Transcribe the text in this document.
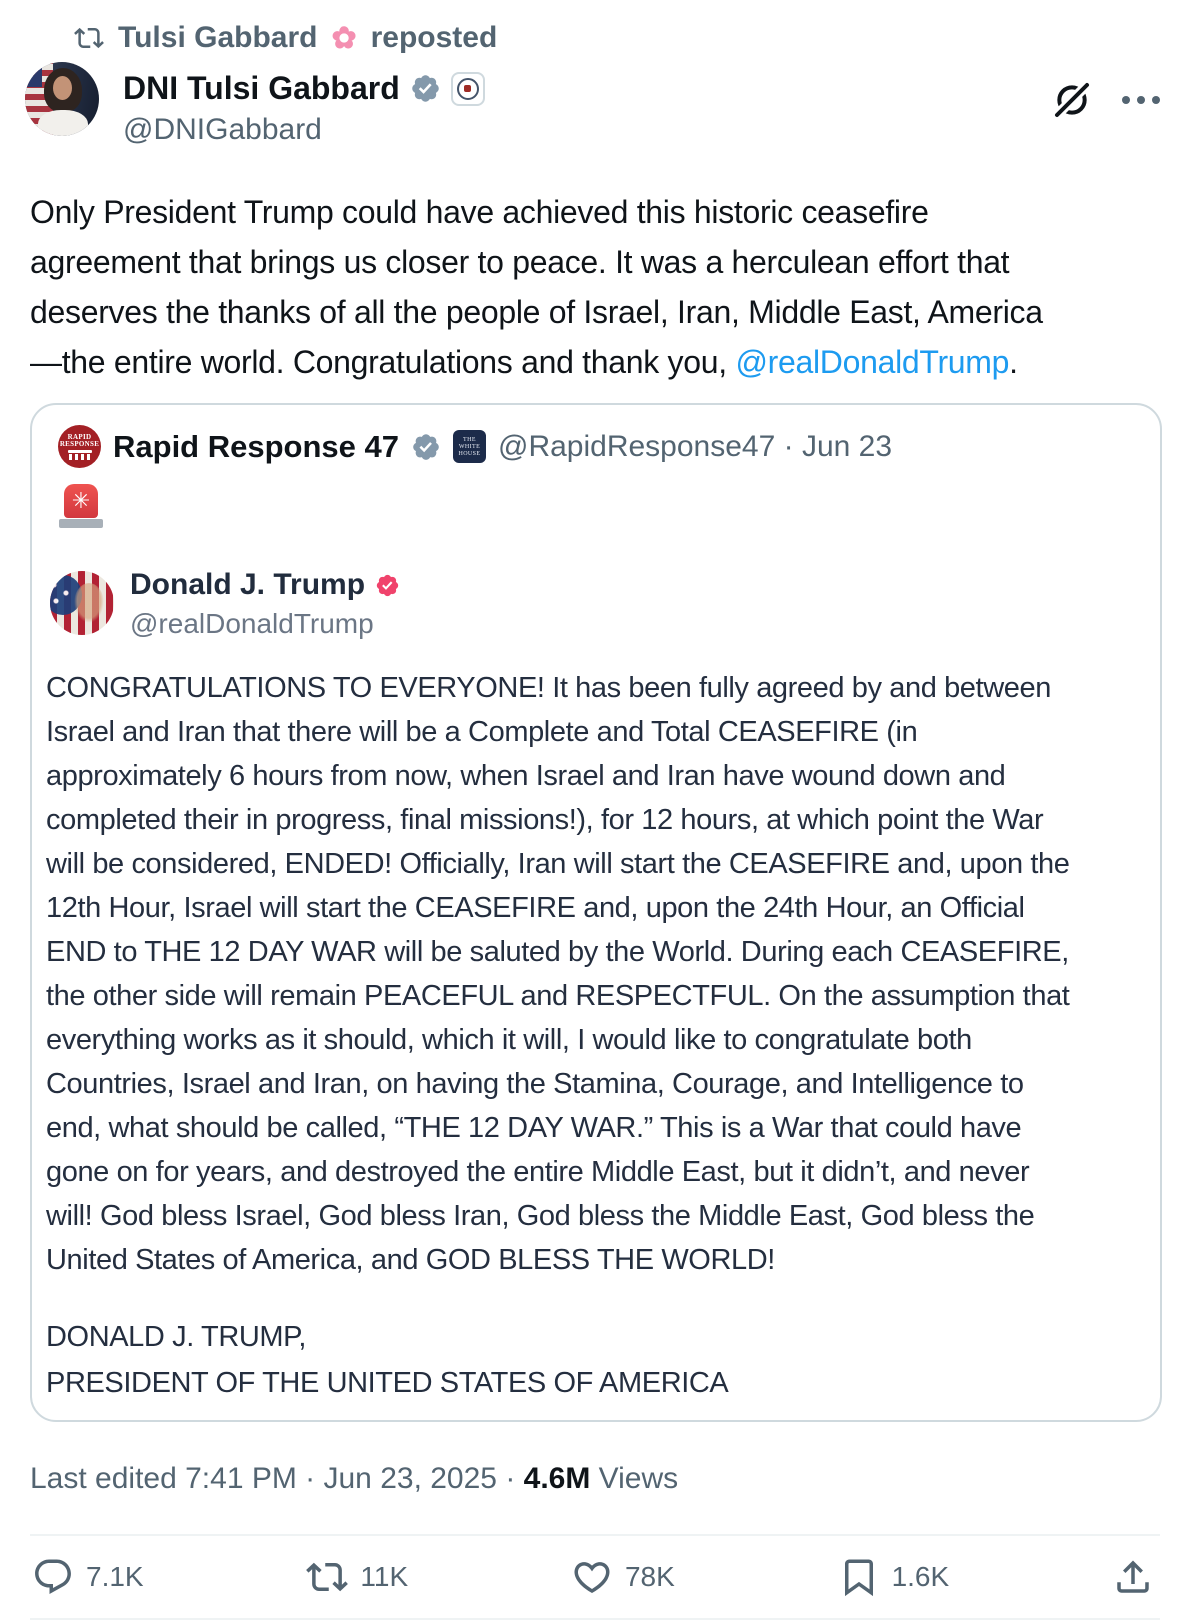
Tulsi Gabbard ✿ reposted
DNI Tulsi Gabbard
@DNIGabbard
Only President Trump could have achieved this historic ceasefire
agreement that brings us closer to peace. It was a herculean effort that
deserves the thanks of all the people of Israel, Iran, Middle East, America
—the entire world. Congratulations and thank you, @realDonaldTrump.
RAPID
RESPONSE Rapid Response 47	THE
WHITE
HOUSE @RapidResponse47 · Jun 23
✳
Donald J. Trump
@realDonaldTrump
CONGRATULATIONS TO EVERYONE! It has been fully agreed by and between
Israel and Iran that there will be a Complete and Total CEASEFIRE (in
approximately 6 hours from now, when Israel and Iran have wound down and
completed their in progress, final missions!), for 12 hours, at which point the War
will be considered, ENDED! Officially, Iran will start the CEASEFIRE and, upon the
12th Hour, Israel will start the CEASEFIRE and, upon the 24th Hour, an Official
END to THE 12 DAY WAR will be saluted by the World. During each CEASEFIRE,
the other side will remain PEACEFUL and RESPECTFUL. On the assumption that
everything works as it should, which it will, I would like to congratulate both
Countries, Israel and Iran, on having the Stamina, Courage, and Intelligence to
end, what should be called, “THE 12 DAY WAR.” This is a War that could have
gone on for years, and destroyed the entire Middle East, but it didn’t, and never
will! God bless Israel, God bless Iran, God bless the Middle East, God bless the
United States of America, and GOD BLESS THE WORLD!
DONALD J. TRUMP,
PRESIDENT OF THE UNITED STATES OF AMERICA
Last edited 7:41 PM · Jun 23, 2025 · 4.6M Views
7.1K	11K	78K	1.6K
